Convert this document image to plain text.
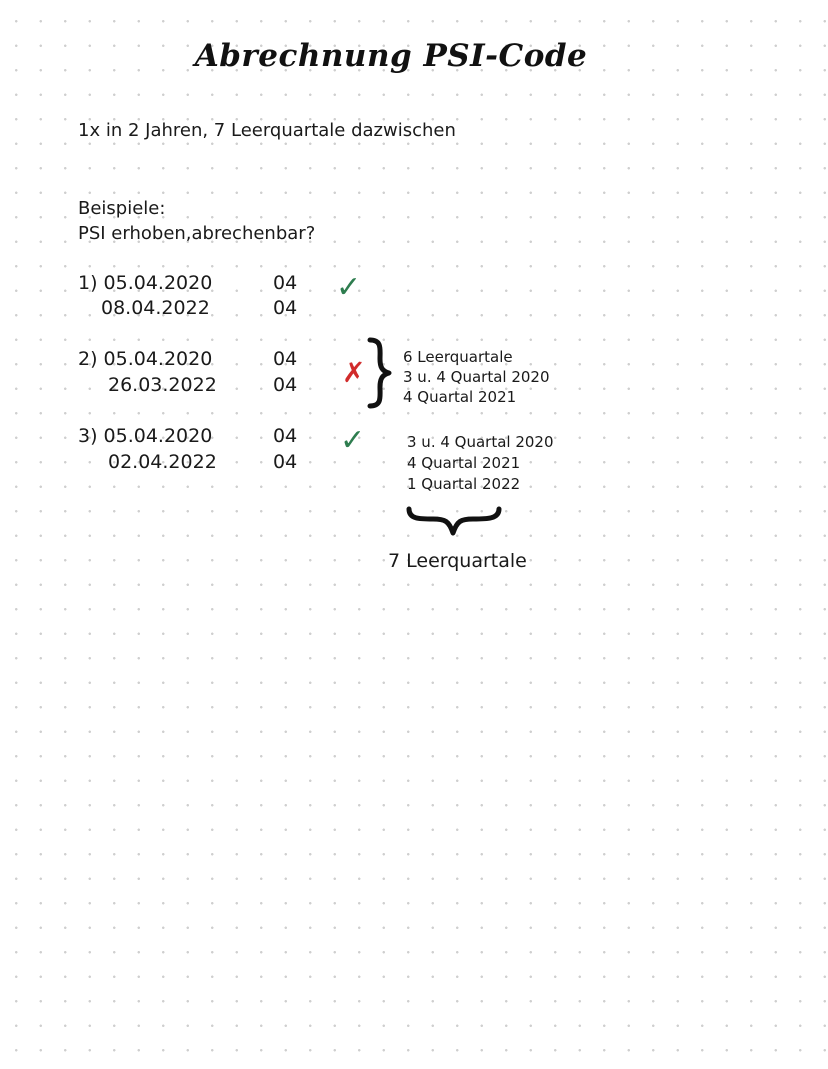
Abrechnung PSI-Code
1x in 2 Jahren, 7 Leerquartale dazwischen
Beispiele:
PSI erhoben,abrechenbar?
1) 05.04.2020	04
08.04.2022	04
✓
2) 05.04.2020	04
26.03.2022	04 ✗	6 Leerquartale
3 u. 4 Quartal 2020
4 Quartal 2021
3) 05.04.2020	04
02.04.2022	04
✓	3 u. 4 Quartal 2020
4 Quartal 2021
1 Quartal 2022
7 Leerquartale
